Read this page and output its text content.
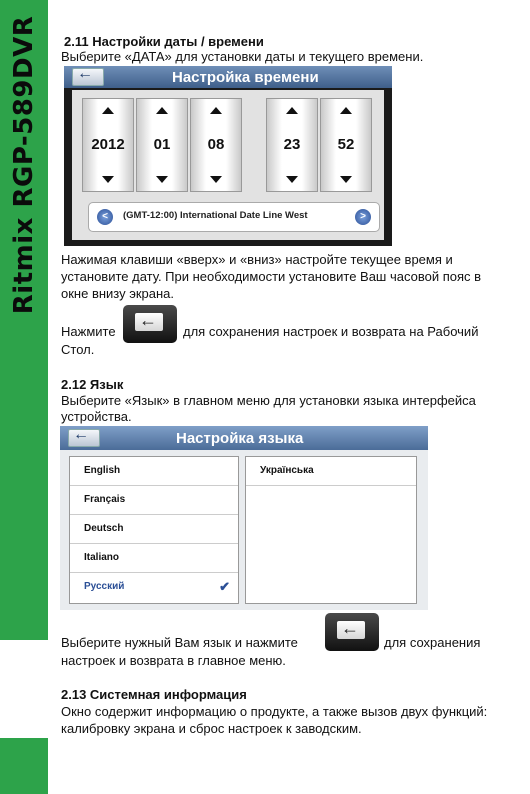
Ritmix RGP-589DVR 2.11 Настройки даты / времени
Выберите «ДАТА» для установки даты и текущего времени.
←	Настройка времени
2012	01	08	23	52
<	(GMT-12:00) International Date Line West	>
Нажимая клавиши «вверх» и «вниз» настройте текущее время и
установите дату. При необходимости установите Ваш часовой пояс в
окне внизу экрана.
Нажмите
←
для сохранения настроек и возврата на Рабочий
Стол.
2.12 Язык
Выберите «Язык» в главном меню для установки языка интерфейса
устройства.
←	Настройка языка
English
Français
Deutsch
Italiano
Русский	✔
Українська
Выберите нужный Вам язык и нажмите
←
для сохранения
настроек и возврата в главное меню.
2.13 Системная информация
Окно содержит информацию о продукте, а также вызов двух функций:
калибровку экрана и сброс настроек к заводским.
